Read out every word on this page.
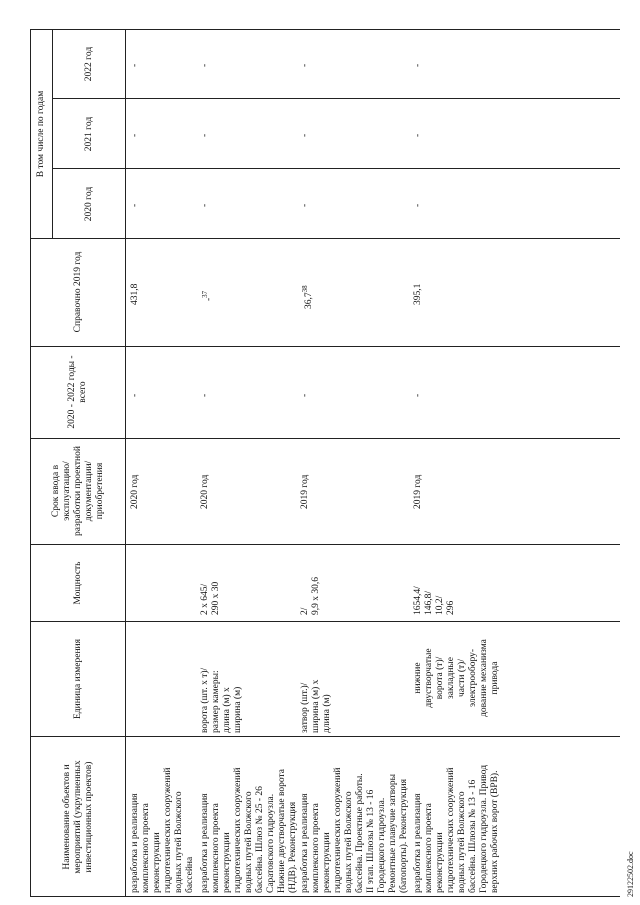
Наименование объектов и мероприятий (укрупненных инвестиционных проектов)
Единица измерения
Мощность
Срок ввода в эксплуатацию/ разработки проектной документации/ приобретения
2020 - 2022 годы - всего
Справочно 2019 год
В том числе по годам
2020 год
2021 год
2022 год
разработка и реализация
комплексного проекта
реконструкции
гидротехнических сооружений
водных путей Волжского
бассейна
2020 год
-
431,8
-
-
-
разработка и реализация
комплексного проекта
реконструкции
гидротехнических сооружений
водных путей Волжского
бассейна. Шлюз № 25 - 26
Саратовского гидроузла.
Нижние двустворчатые ворота
(НДВ). Реконструкция
ворота (шт. х т)/
размер камеры:
длина (м) х
ширина (м)
2 х 645/
290 х 30
2020 год
-
-$^{37}$
-
-
-
разработка и реализация
комплексного проекта
реконструкции
гидротехнических сооружений
водных путей Волжского
бассейна. Проектные работы.
II этап. Шлюзы № 13 - 16
Городецкого гидроузла.
Ремонтные плавучие затворы
(батопорты). Реконструкция
затвор (шт.)/
ширина (м) х
длина (м)
2/
9,9 х 30,6
2019 год
-
36,7$^{38}$
-
-
-
разработка и реализация
комплексного проекта
реконструкции
гидротехнических сооружений
водных путей Волжского
бассейна. Шлюзы № 13 - 16
Городецкого гидроузла. Привод
верхних рабочих ворот (ВРВ).
нижние
двустворчатые
ворота (т)/
закладные
части (т)/
электрообору-
дование механизма
привода
1654,4/
146,8/
10,2/
296
2019 год
-
395,1
-
-
-
29122502.doc
